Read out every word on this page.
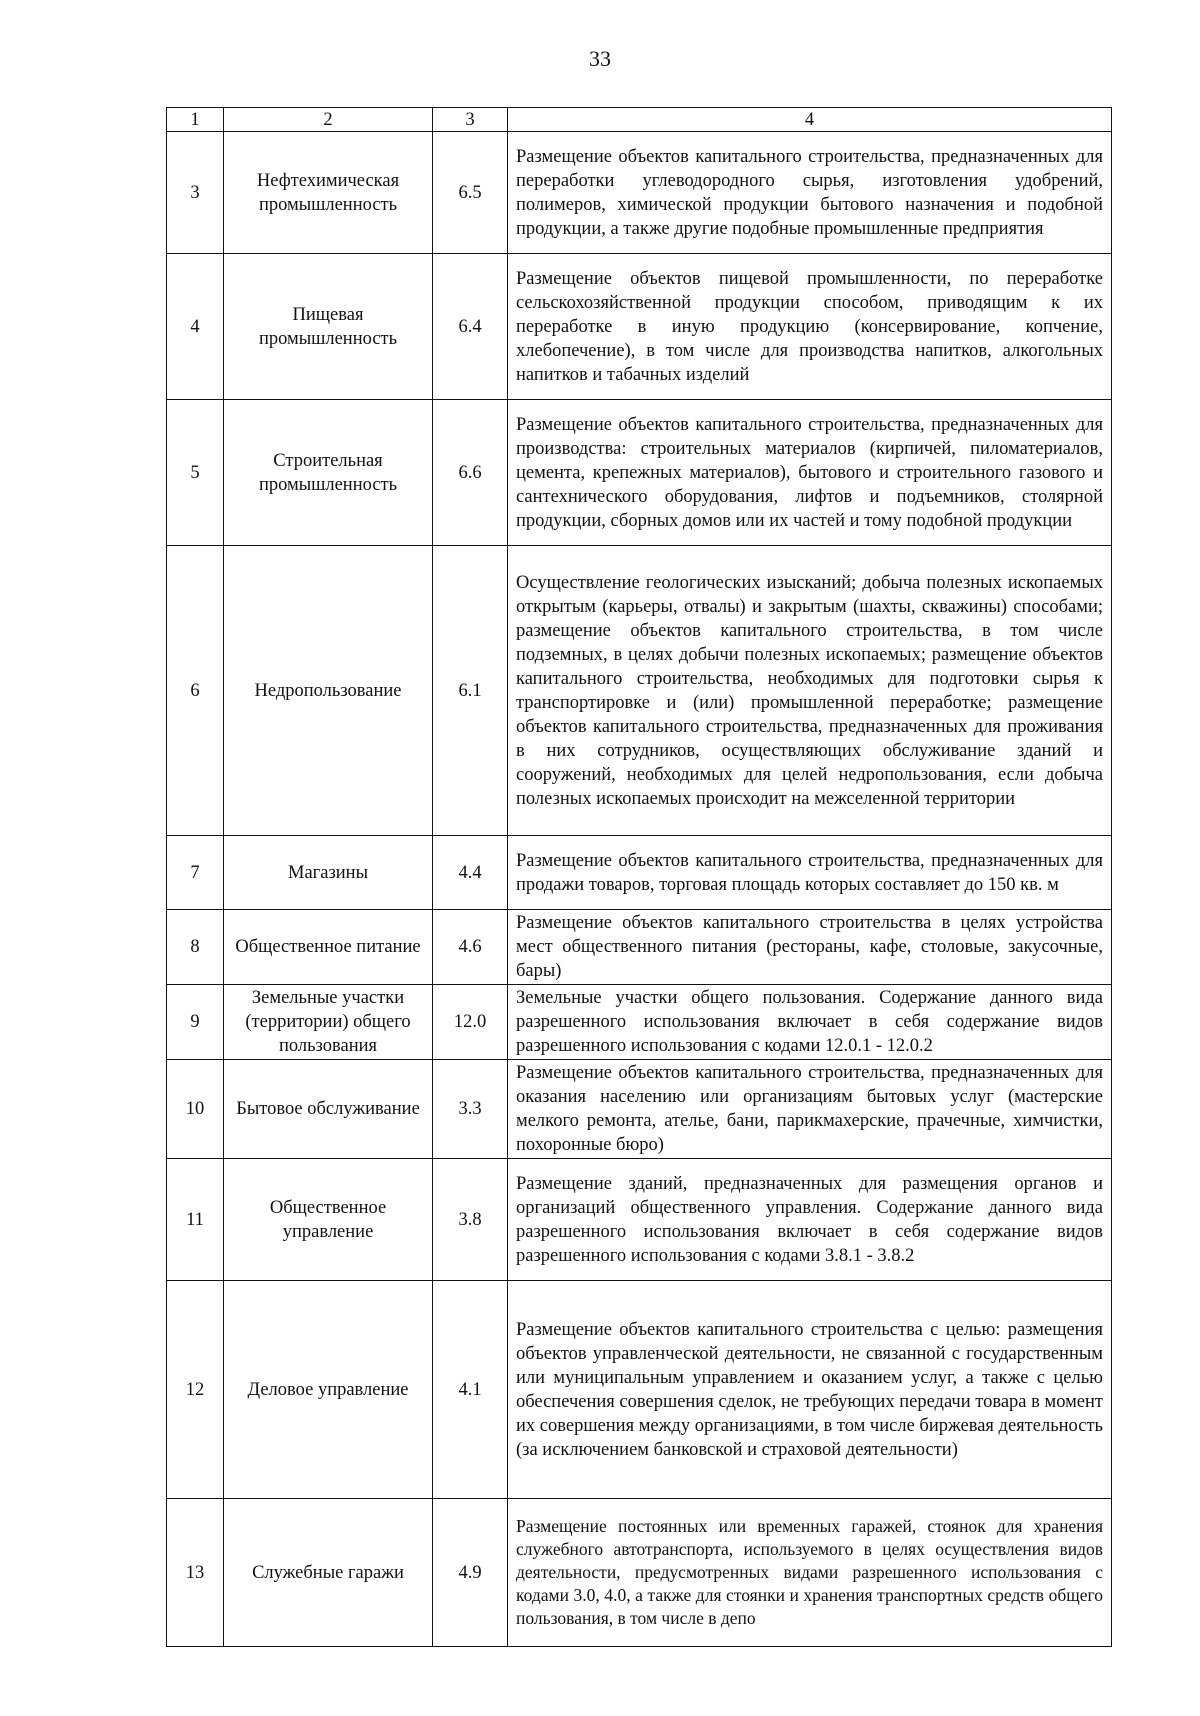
33
1	2	3	4
3	Нефтехимическая промышленность	6.5	Размещение объектов капитального строительства, предназначенных для переработки углеводородного сырья, изготовления удобрений, полимеров, химической продукции бытового назначения и подобной продукции, а также другие подобные промышленные предприятия
4	Пищевая промышленность	6.4	Размещение объектов пищевой промышленности, по переработке сельскохозяйственной продукции способом, приводящим к их переработке в иную продукцию (консервирование, копчение, хлебопечение), в том числе для производства напитков, алкогольных напитков и табачных изделий
5	Строительная промышленность	6.6	Размещение объектов капитального строительства, предназначенных для производства: строительных материалов (кирпичей, пиломатериалов, цемента, крепежных материалов), бытового и строительного газового и сантехнического оборудования, лифтов и подъемников, столярной продукции, сборных домов или их частей и тому подобной продукции
6	Недропользование	6.1	Осуществление геологических изысканий; добыча полезных ископаемых открытым (карьеры, отвалы) и закрытым (шахты, скважины) способами; размещение объектов капитального строительства, в том числе подземных, в целях добычи полезных ископаемых; размещение объектов капитального строительства, необходимых для подготовки сырья к транспортировке и (или) промышленной переработке; размещение объектов капитального строительства, предназначенных для проживания в них сотрудников, осуществляющих обслуживание зданий и сооружений, необходимых для целей недропользования, если добыча полезных ископаемых происходит на межселенной территории
7	Магазины	4.4	Размещение объектов капитального строительства, предназначенных для продажи товаров, торговая площадь которых составляет до 150 кв. м
8	Общественное питание	4.6	Размещение объектов капитального строительства в целях устройства мест общественного питания (рестораны, кафе, столовые, закусочные, бары)
9	Земельные участки (территории) общего пользования	12.0	Земельные участки общего пользования. Содержание данного вида разрешенного использования включает в себя содержание видов разрешенного использования с кодами 12.0.1 - 12.0.2
10	Бытовое обслуживание	3.3	Размещение объектов капитального строительства, предназначенных для оказания населению или организациям бытовых услуг (мастерские мелкого ремонта, ателье, бани, парикмахерские, прачечные, химчистки, похоронные бюро)
11	Общественное управление	3.8	Размещение зданий, предназначенных для размещения органов и организаций общественного управления. Содержание данного вида разрешенного использования включает в себя содержание видов разрешенного использования с кодами 3.8.1 - 3.8.2
12	Деловое управление	4.1	Размещение объектов капитального строительства с целью: размещения объектов управленческой деятельности, не связанной с государственным или муниципальным управлением и оказанием услуг, а также с целью обеспечения совершения сделок, не требующих передачи товара в момент их совершения между организациями, в том числе биржевая деятельность (за исключением банковской и страховой деятельности)
13	Служебные гаражи	4.9	Размещение постоянных или временных гаражей, стоянок для хранения служебного автотранспорта, используемого в целях осуществления видов деятельности, предусмотренных видами разрешенного использования с кодами 3.0, 4.0, а также для стоянки и хранения транспортных средств общего пользования, в том числе в депо
